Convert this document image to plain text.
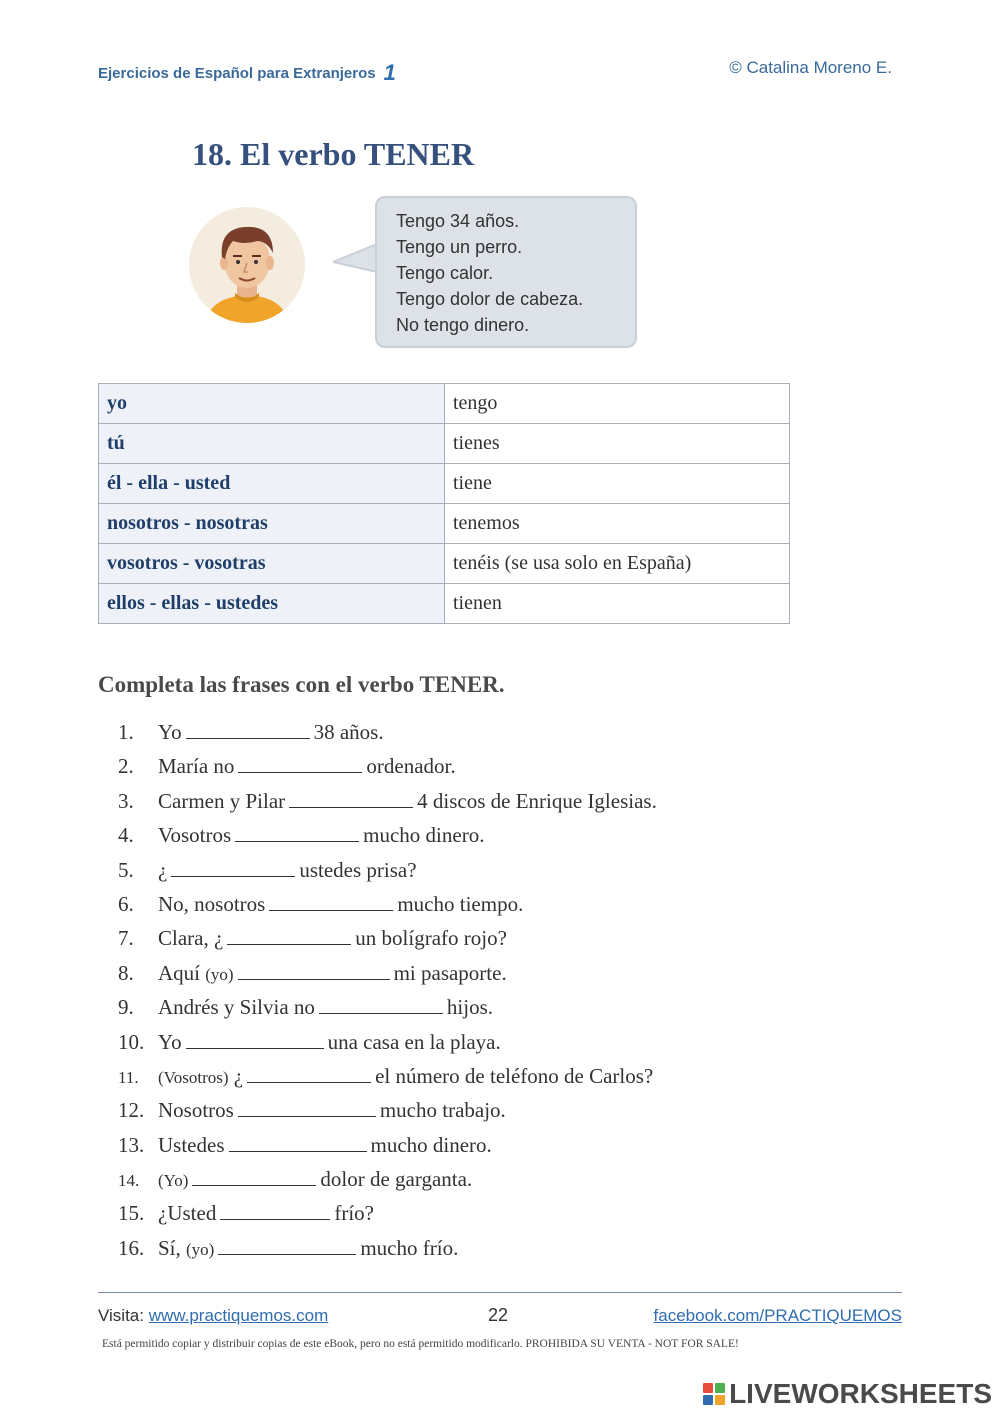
Ejercicios de Español para Extranjeros 1	© Catalina Moreno E.
18. El verbo TENER
Tengo 34 años.
Tengo un perro.
Tengo calor.
Tengo dolor de cabeza.
No tengo dinero.
yo	tengo
tú	tienes
él - ella - usted	tiene
nosotros - nosotras	tenemos
vosotros - vosotras	tenéis (se usa solo en España)
ellos - ellas - ustedes	tienen
Completa las frases con el verbo TENER.
1. Yo	38 años.
2. María no	ordenador.
3. Carmen y Pilar	4 discos de Enrique Iglesias.
4. Vosotros	mucho dinero.
5. ¿	ustedes prisa?
6. No, nosotros	mucho tiempo.
7. Clara, ¿	un bolígrafo rojo?
8. Aquí (yo)	mi pasaporte.
9. Andrés y Silvia no	hijos.
10. Yo	una casa en la playa.
11. (Vosotros) ¿	el número de teléfono de Carlos?
12. Nosotros	mucho trabajo.
13. Ustedes	mucho dinero.
14. (Yo)	dolor de garganta.
15. ¿Usted	frío?
16. Sí, (yo)	mucho frío.
Visita: www.practiquemos.com	22	facebook.com/PRACTIQUEMOS
Está permitido copiar y distribuir copias de este eBook, pero no está permitido modificarlo. PROHIBIDA SU VENTA - NOT FOR SALE!
LIVEWORKSHEETS
